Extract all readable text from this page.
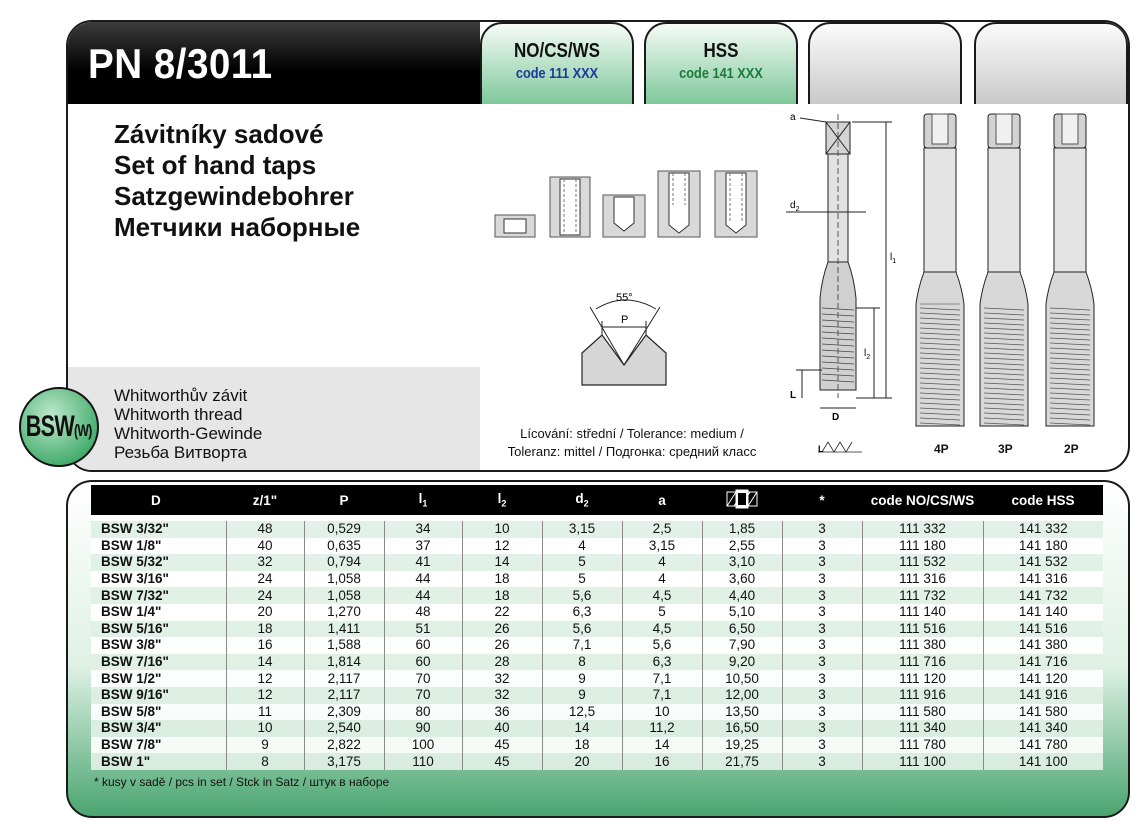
PN 8/3011	NO/CS/WS
code 111 XXX
HSS
code 141 XXX
Závitníky sadové
Set of hand taps
Satzgewindebohrer
Метчики наборные
Whitworthův závit
Whitworth thread
Whitworth-Gewinde
Резьба Витворта
55°
P
a
$d_2$
$l_1$
$l_2$
L
D
L	4P	3P	2P
Lícování: střední / Tolerance: medium /
Toleranz: mittel / Подгонка: средний класс
BSW(W)
D	z/1"	P	$l_1$	$l_2$	$d_2$	a		*	code NO/CS/WS	code HSS

BSW 3/32"	48	0,529	34	10	3,15	2,5	1,85	3	111 332	141 332
BSW 1/8"	40	0,635	37	12	4	3,15	2,55	3	111 180	141 180
BSW 5/32"	32	0,794	41	14	5	4	3,10	3	111 532	141 532
BSW 3/16"	24	1,058	44	18	5	4	3,60	3	111 316	141 316
BSW 7/32"	24	1,058	44	18	5,6	4,5	4,40	3	111 732	141 732
BSW 1/4"	20	1,270	48	22	6,3	5	5,10	3	111 140	141 140
BSW 5/16"	18	1,411	51	26	5,6	4,5	6,50	3	111 516	141 516
BSW 3/8"	16	1,588	60	26	7,1	5,6	7,90	3	111 380	141 380
BSW 7/16"	14	1,814	60	28	8	6,3	9,20	3	111 716	141 716
BSW 1/2"	12	2,117	70	32	9	7,1	10,50	3	111 120	141 120
BSW 9/16"	12	2,117	70	32	9	7,1	12,00	3	111 916	141 916
BSW 5/8"	11	2,309	80	36	12,5	10	13,50	3	111 580	141 580
BSW 3/4"	10	2,540	90	40	14	11,2	16,50	3	111 340	141 340
BSW 7/8"	9	2,822	100	45	18	14	19,25	3	111 780	141 780
BSW 1"	8	3,175	110	45	20	16	21,75	3	111 100	141 100
* kusy v sadě / pcs in set / Stck in Satz / штук в наборе
